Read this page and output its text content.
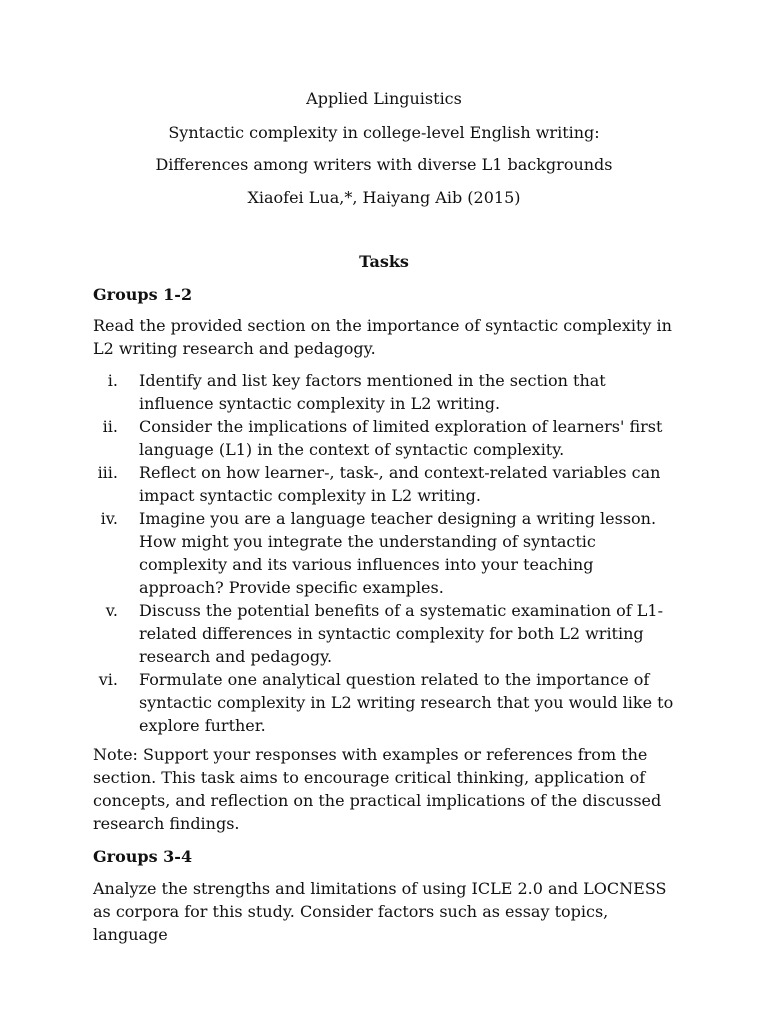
Applied Linguistics
Syntactic complexity in college-level English writing:
Differences among writers with diverse L1 backgrounds
Xiaofei Lua,*, Haiyang Aib (2015)
Tasks
Groups 1-2
Read the provided section on the importance of syntactic complexity in L2 writing research and pedagogy.
i. Identify and list key factors mentioned in the section that influence syntactic complexity in L2 writing.
ii. Consider the implications of limited exploration of learners' first language (L1) in the context of syntactic complexity.
iii. Reflect on how learner-, task-, and context-related variables can impact syntactic complexity in L2 writing.
iv. Imagine you are a language teacher designing a writing lesson. How might you integrate the understanding of syntactic complexity and its various influences into your teaching approach? Provide specific examples.
v. Discuss the potential benefits of a systematic examination of L1-related differences in syntactic complexity for both L2 writing research and pedagogy.
vi. Formulate one analytical question related to the importance of syntactic complexity in L2 writing research that you would like to explore further.
Note: Support your responses with examples or references from the section. This task aims to encourage critical thinking, application of concepts, and reflection on the practical implications of the discussed research findings.
Groups 3-4
Analyze the strengths and limitations of using ICLE 2.0 and LOCNESS as corpora for this study. Consider factors such as essay topics, language
